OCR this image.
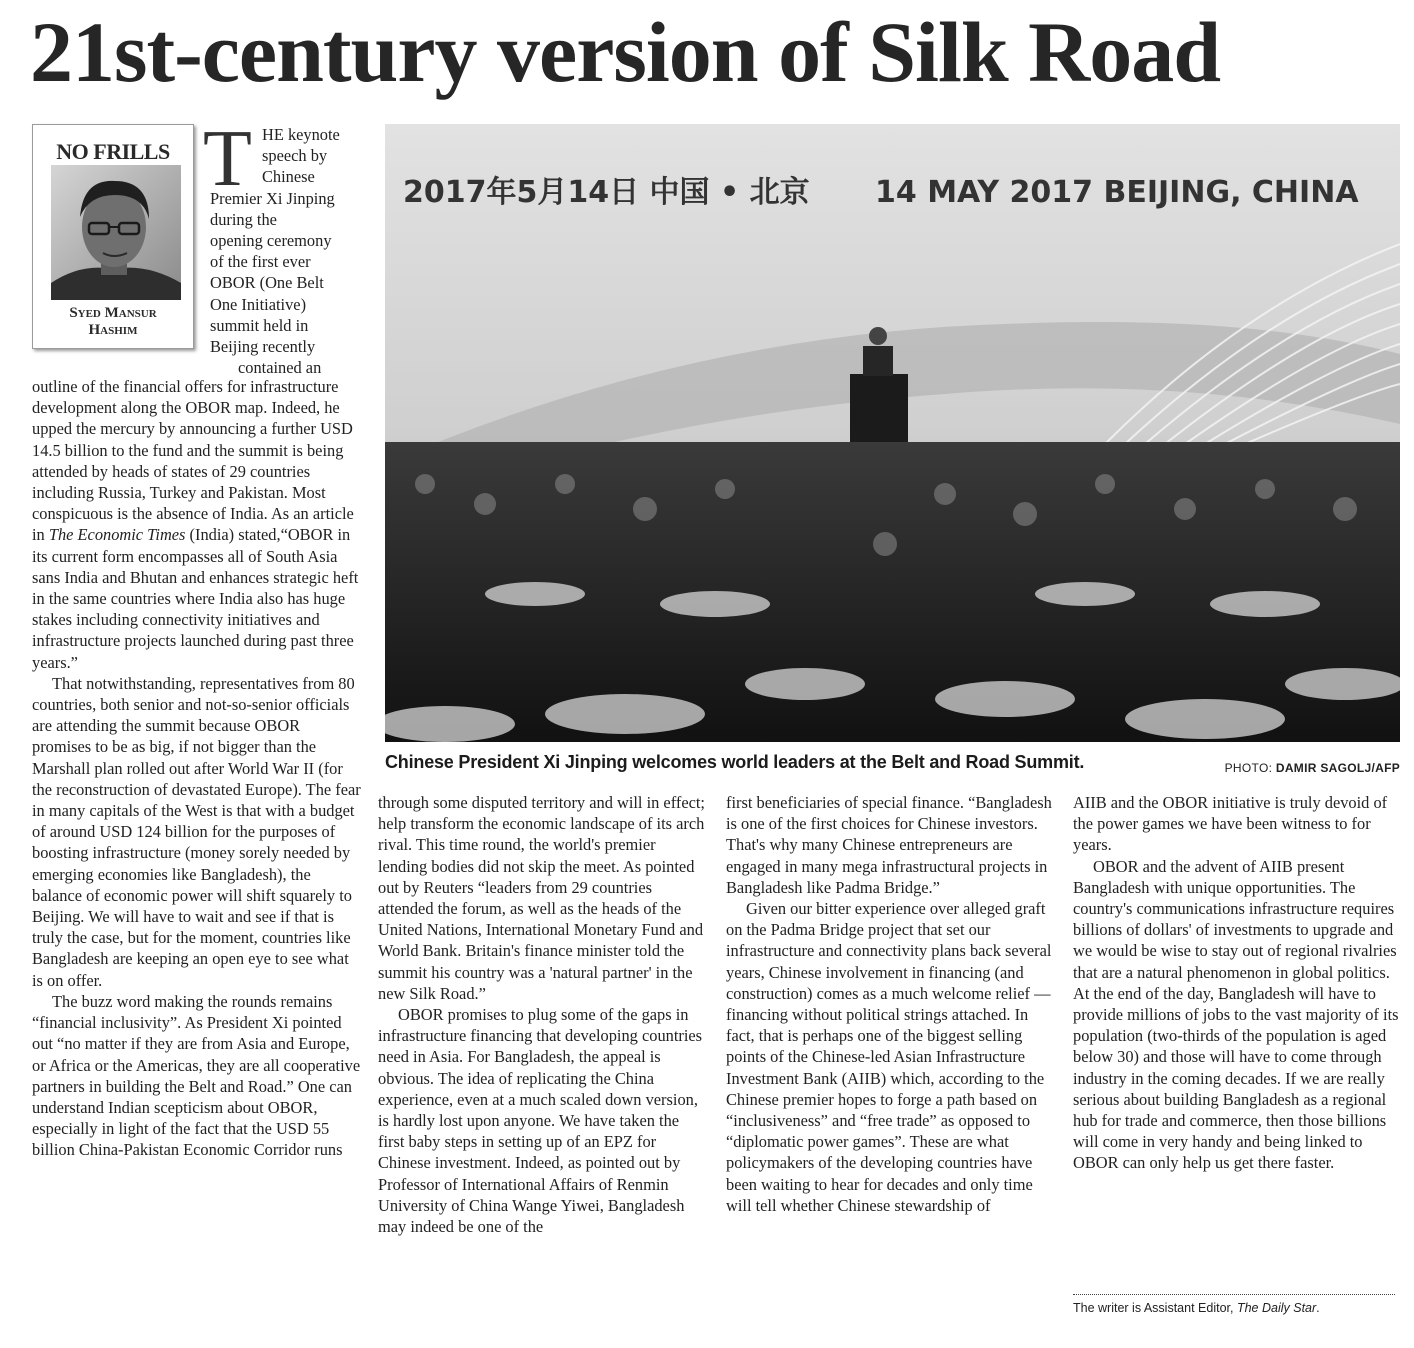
21st-century version of Silk Road
NO FRILLS
Syed Mansur
Hashim
T HE keynote
speech by
Chinese
Premier Xi Jinping
during the
opening ceremony
of the first ever
OBOR (One Belt
One Initiative)
summit held in
Beijing recently
contained an

outline of the financial offers for infrastructure development along the OBOR map. Indeed, he upped the mercury by announcing a further USD 14.5 billion to the fund and the summit is being attended by heads of states of 29 countries including Russia, Turkey and Pakistan. Most conspicuous is the absence of India. As an article in The Economic Times (India) stated,“OBOR in its current form encompasses all of South Asia sans India and Bhutan and enhances strategic heft in the same countries where India also has huge stakes including connectivity initiatives and infrastructure projects launched during past three years.”

That notwithstanding, representatives from 80 countries, both senior and not-so-senior officials are attending the summit because OBOR promises to be as big, if not bigger than the Marshall plan rolled out after World War II (for the reconstruction of devastated Europe). The fear in many capitals of the West is that with a budget of around USD 124 billion for the purposes of boosting infrastructure (money sorely needed by emerging economies like Bangladesh), the balance of economic power will shift squarely to Beijing. We will have to wait and see if that is truly the case, but for the moment, countries like Bangladesh are keeping an open eye to see what is on offer.

The buzz word making the rounds remains “financial inclusivity”. As President Xi pointed out “no matter if they are from Asia and Europe, or Africa or the Americas, they are all cooperative partners in building the Belt and Road.” One can understand Indian scepticism about OBOR, especially in light of the fact that the USD 55 billion China-Pakistan Economic Corridor runs

2017年5月14日 中国 • 北京 14 MAY 2017 BEIJING, CHINA
Chinese President Xi Jinping welcomes world leaders at the Belt and Road Summit.	PHOTO: DAMIR SAGOLJ/AFP

through some disputed territory and will in effect; help transform the economic landscape of its arch rival. This time round, the world's premier lending bodies did not skip the meet. As pointed out by Reuters “leaders from 29 countries attended the forum, as well as the heads of the United Nations, International Monetary Fund and World Bank. Britain's finance minister told the summit his country was a 'natural partner' in the new Silk Road.”

OBOR promises to plug some of the gaps in infrastructure financing that developing countries need in Asia. For Bangladesh, the appeal is obvious. The idea of replicating the China experience, even at a much scaled down version, is hardly lost upon anyone. We have taken the first baby steps in setting up of an EPZ for Chinese investment. Indeed, as pointed out by Professor of International Affairs of Renmin University of China Wange Yiwei, Bangladesh may indeed be one of the

first beneficiaries of special finance. “Bangladesh is one of the first choices for Chinese investors. That's why many Chinese entrepreneurs are engaged in many mega infrastructural projects in Bangladesh like Padma Bridge.”

Given our bitter experience over alleged graft on the Padma Bridge project that set our infrastructure and connectivity plans back several years, Chinese involvement in financing (and construction) comes as a much welcome relief — financing without political strings attached. In fact, that is perhaps one of the biggest selling points of the Chinese-led Asian Infrastructure Investment Bank (AIIB) which, according to the Chinese premier hopes to forge a path based on “inclusiveness” and “free trade” as opposed to “diplomatic power games”. These are what policymakers of the developing countries have been waiting to hear for decades and only time will tell whether Chinese stewardship of

AIIB and the OBOR initiative is truly devoid of the power games we have been witness to for years.

OBOR and the advent of AIIB present Bangladesh with unique opportunities. The country's communications infrastructure requires billions of dollars' of investments to upgrade and we would be wise to stay out of regional rivalries that are a natural phenomenon in global politics. At the end of the day, Bangladesh will have to provide millions of jobs to the vast majority of its population (two-thirds of the population is aged below 30) and those will have to come through industry in the coming decades. If we are really serious about building Bangladesh as a regional hub for trade and commerce, then those billions will come in very handy and being linked to OBOR can only help us get there faster.

The writer is Assistant Editor, The Daily Star.
